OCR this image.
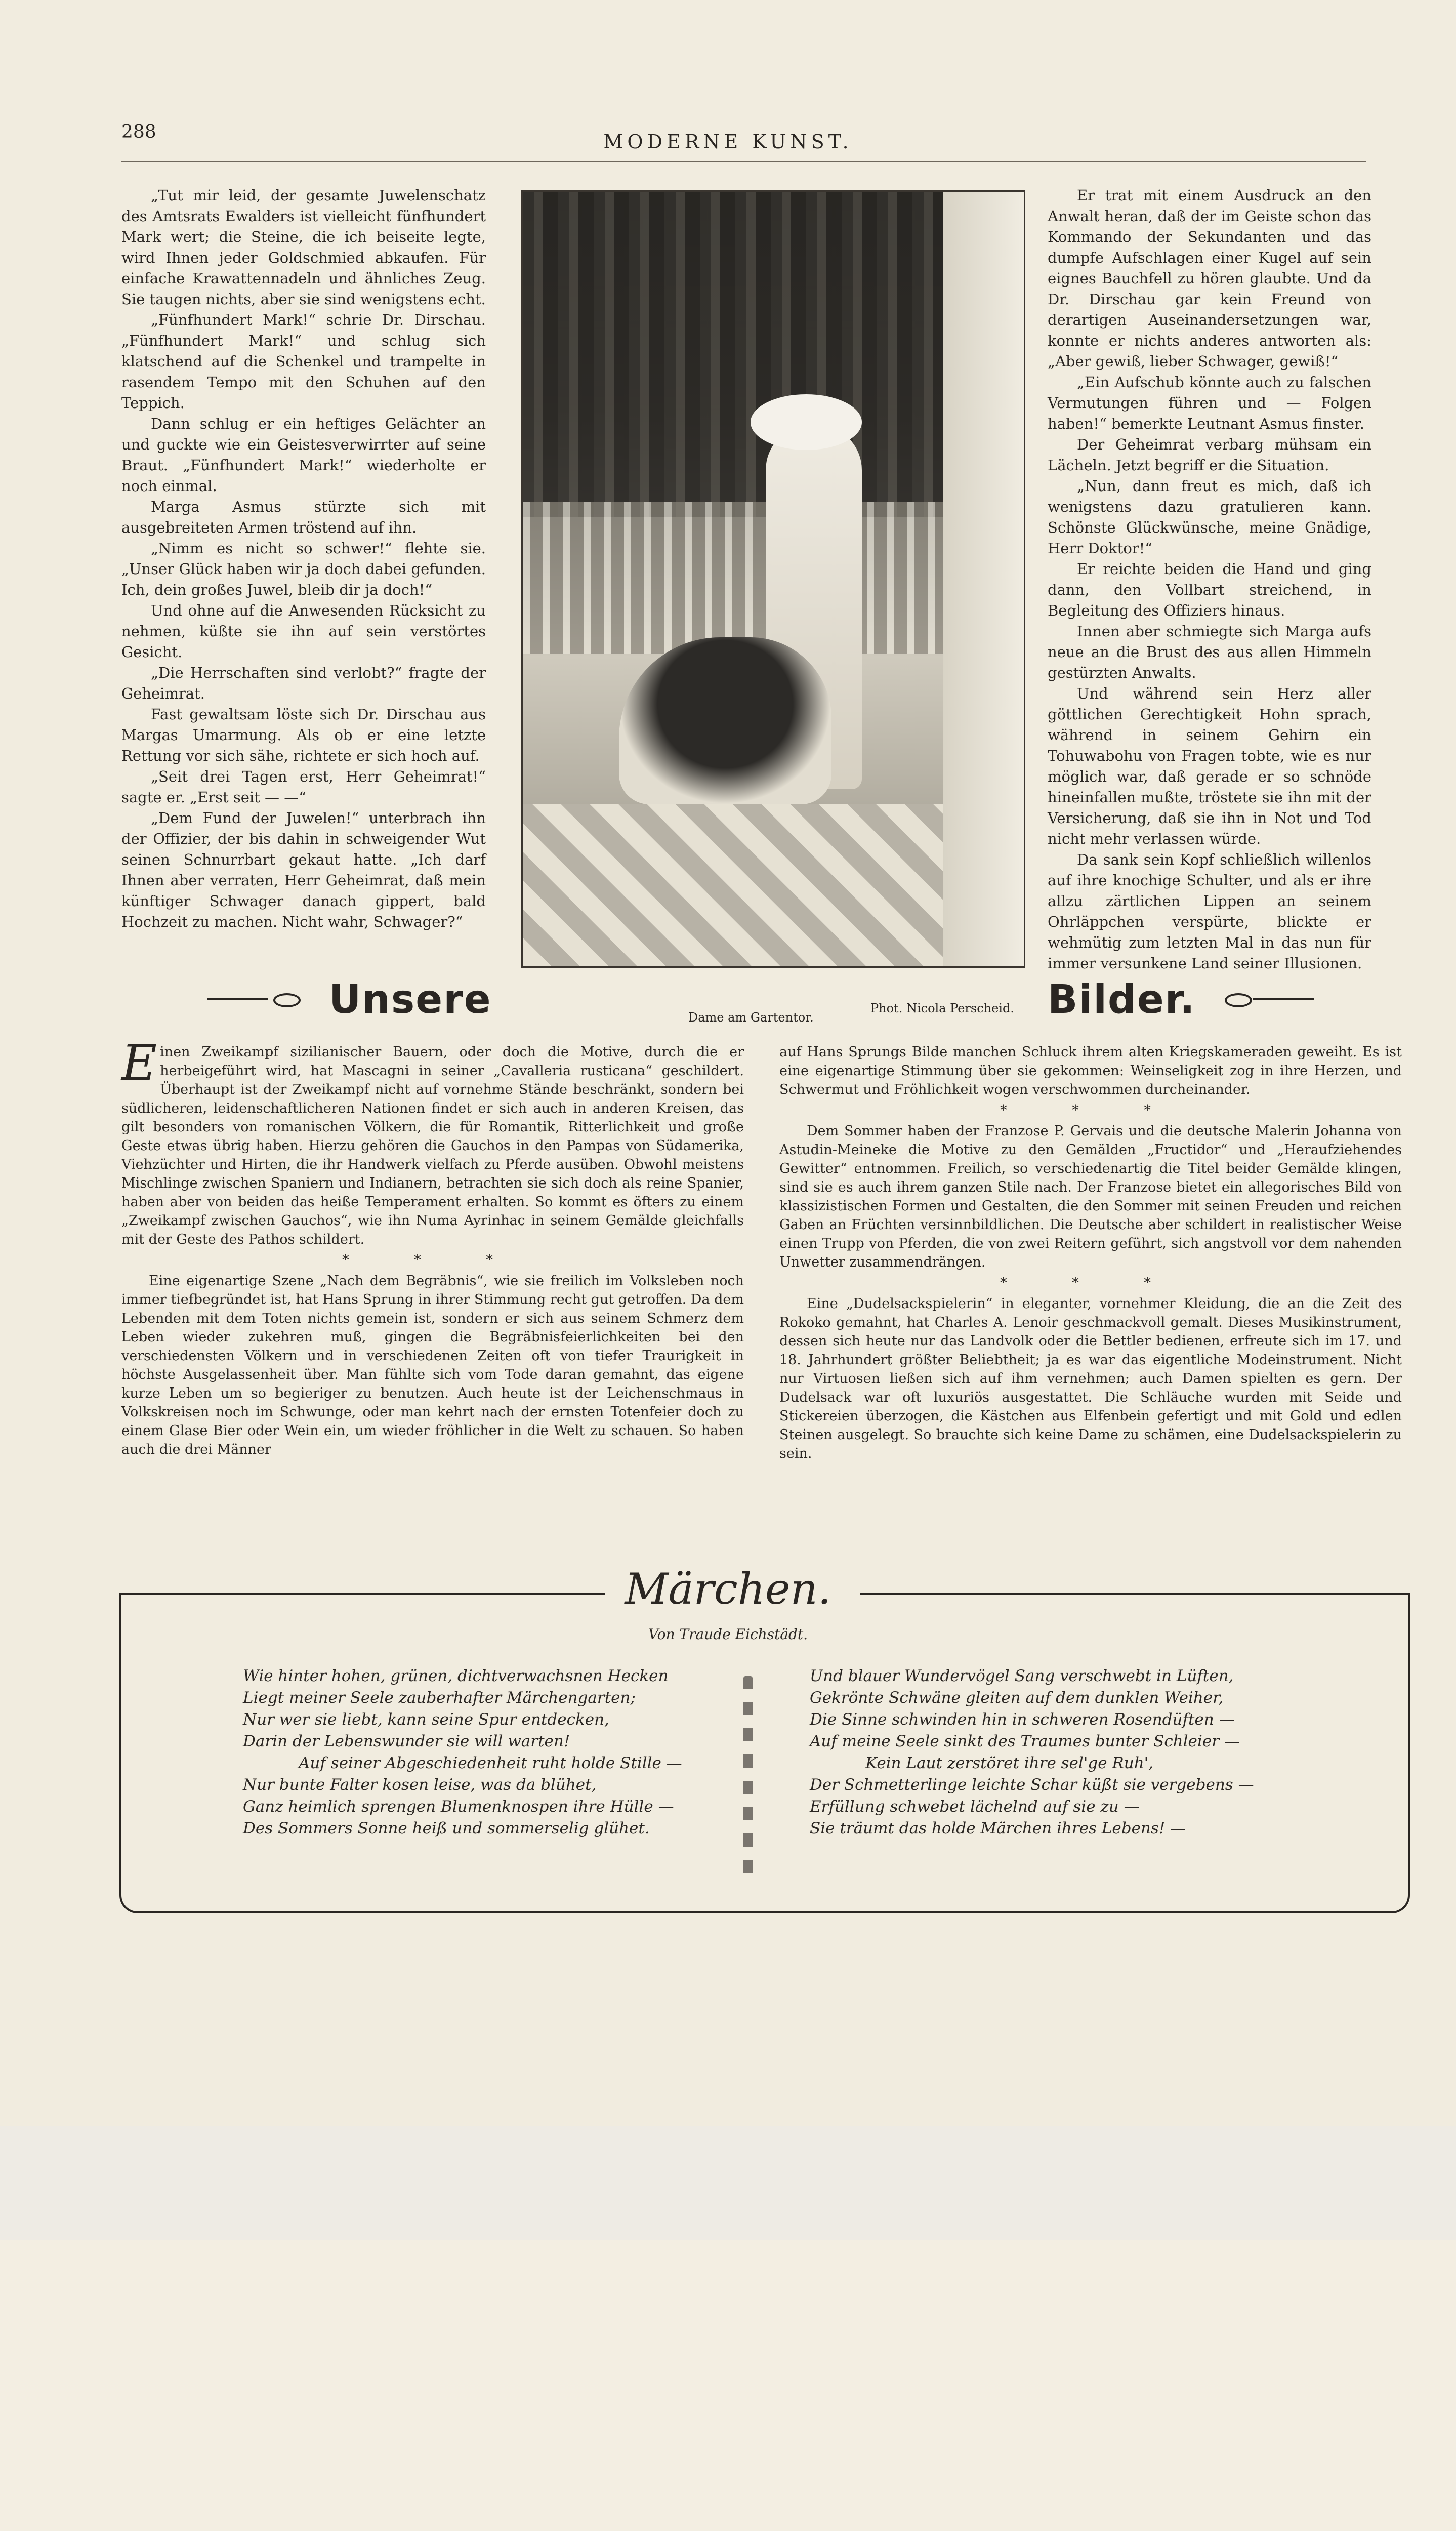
288	MODERNE KUNST.

„Tut mir leid, der gesamte Juwelenschatz des Amtsrats Ewalders ist vielleicht fünfhundert Mark wert; die Steine, die ich beiseite legte, wird Ihnen jeder Goldschmied abkaufen. Für einfache Krawattennadeln und ähnliches Zeug. Sie taugen nichts, aber sie sind wenigstens echt.

„Fünfhundert Mark!“ schrie Dr. Dirschau. „Fünfhundert Mark!“ und schlug sich klatschend auf die Schenkel und trampelte in rasendem Tempo mit den Schuhen auf den Teppich.

Dann schlug er ein heftiges Gelächter an und guckte wie ein Geistesverwirrter auf seine Braut. „Fünfhundert Mark!“ wiederholte er noch einmal.

Marga Asmus stürzte sich mit ausgebreiteten Armen tröstend auf ihn.

„Nimm es nicht so schwer!“ flehte sie. „Unser Glück haben wir ja doch dabei gefunden. Ich, dein großes Juwel, bleib dir ja doch!“

Und ohne auf die Anwesenden Rücksicht zu nehmen, küßte sie ihn auf sein verstörtes Gesicht.

„Die Herrschaften sind verlobt?“ fragte der Geheimrat.

Fast gewaltsam löste sich Dr. Dirschau aus Margas Umarmung. Als ob er eine letzte Rettung vor sich sähe, richtete er sich hoch auf.

„Seit drei Tagen erst, Herr Geheimrat!“ sagte er. „Erst seit — —“

„Dem Fund der Juwelen!“ unterbrach ihn der Offizier, der bis dahin in schweigender Wut seinen Schnurrbart gekaut hatte. „Ich darf Ihnen aber verraten, Herr Geheimrat, daß mein künftiger Schwager danach gippert, bald Hochzeit zu machen. Nicht wahr, Schwager?“

Dame am Gartentor.
Phot. Nicola Perscheid.

Er trat mit einem Ausdruck an den Anwalt heran, daß der im Geiste schon das Kommando der Sekundanten und das dumpfe Aufschlagen einer Kugel auf sein eignes Bauchfell zu hören glaubte. Und da Dr. Dirschau gar kein Freund von derartigen Auseinandersetzungen war, konnte er nichts anderes antworten als: „Aber gewiß, lieber Schwager, gewiß!“

„Ein Aufschub könnte auch zu falschen Vermutungen führen und — Folgen haben!“ bemerkte Leutnant Asmus finster.

Der Geheimrat verbarg mühsam ein Lächeln. Jetzt begriff er die Situation.

„Nun, dann freut es mich, daß ich wenigstens dazu gratulieren kann. Schönste Glückwünsche, meine Gnädige, Herr Doktor!“

Er reichte beiden die Hand und ging dann, den Vollbart streichend, in Begleitung des Offiziers hinaus.

Innen aber schmiegte sich Marga aufs neue an die Brust des aus allen Himmeln gestürzten Anwalts.

Und während sein Herz aller göttlichen Gerechtigkeit Hohn sprach, während in seinem Gehirn ein Tohuwabohu von Fragen tobte, wie es nur möglich war, daß gerade er so schnöde hineinfallen mußte, tröstete sie ihn mit der Versicherung, daß sie ihn in Not und Tod nicht mehr verlassen würde.

Da sank sein Kopf schließlich willenlos auf ihre knochige Schulter, und als er ihre allzu zärtlichen Lippen an seinem Ohrläppchen verspürte, blickte er wehmütig zum letzten Mal in das nun für immer versunkene Land seiner Illusionen.

Unsere	Bilder.

Einen Zweikampf sizilianischer Bauern, oder doch die Motive, durch die er herbeigeführt wird, hat Mascagni in seiner „Cavalleria rusticana“ geschildert. Überhaupt ist der Zweikampf nicht auf vornehme Stände beschränkt, sondern bei südlicheren, leidenschaftlicheren Nationen findet er sich auch in anderen Kreisen, das gilt besonders von romanischen Völkern, die für Romantik, Ritterlichkeit und große Geste etwas übrig haben. Hierzu gehören die Gauchos in den Pampas von Südamerika, Viehzüchter und Hirten, die ihr Handwerk vielfach zu Pferde ausüben. Obwohl meistens Mischlinge zwischen Spaniern und Indianern, betrachten sie sich doch als reine Spanier, haben aber von beiden das heiße Temperament erhalten. So kommt es öfters zu einem „Zweikampf zwischen Gauchos“, wie ihn Numa Ayrinhac in seinem Gemälde gleichfalls mit der Geste des Pathos schildert.

* * *

Eine eigenartige Szene „Nach dem Begräbnis“, wie sie freilich im Volksleben noch immer tiefbegründet ist, hat Hans Sprung in ihrer Stimmung recht gut getroffen. Da dem Lebenden mit dem Toten nichts gemein ist, sondern er sich aus seinem Schmerz dem Leben wieder zukehren muß, gingen die Begräbnisfeierlichkeiten bei den verschiedensten Völkern und in verschiedenen Zeiten oft von tiefer Traurigkeit in höchste Ausgelassenheit über. Man fühlte sich vom Tode daran gemahnt, das eigene kurze Leben um so begieriger zu benutzen. Auch heute ist der Leichenschmaus in Volkskreisen noch im Schwunge, oder man kehrt nach der ernsten Totenfeier doch zu einem Glase Bier oder Wein ein, um wieder fröhlicher in die Welt zu schauen. So haben auch die drei Männer

auf Hans Sprungs Bilde manchen Schluck ihrem alten Kriegskameraden geweiht. Es ist eine eigenartige Stimmung über sie gekommen: Weinseligkeit zog in ihre Herzen, und Schwermut und Fröhlichkeit wogen verschwommen durcheinander.

* * *

Dem Sommer haben der Franzose P. Gervais und die deutsche Malerin Johanna von Astudin-Meineke die Motive zu den Gemälden „Fructidor“ und „Heraufziehendes Gewitter“ entnommen. Freilich, so verschiedenartig die Titel beider Gemälde klingen, sind sie es auch ihrem ganzen Stile nach. Der Franzose bietet ein allegorisches Bild von klassizistischen Formen und Gestalten, die den Sommer mit seinen Freuden und reichen Gaben an Früchten versinnbildlichen. Die Deutsche aber schildert in realistischer Weise einen Trupp von Pferden, die von zwei Reitern geführt, sich angstvoll vor dem nahenden Unwetter zusammendrängen.

* * *

Eine „Dudelsackspielerin“ in eleganter, vornehmer Kleidung, die an die Zeit des Rokoko gemahnt, hat Charles A. Lenoir geschmackvoll gemalt. Dieses Musikinstrument, dessen sich heute nur das Landvolk oder die Bettler bedienen, erfreute sich im 17. und 18. Jahrhundert größter Beliebtheit; ja es war das eigentliche Modeinstrument. Nicht nur Virtuosen ließen sich auf ihm vernehmen; auch Damen spielten es gern. Der Dudelsack war oft luxuriös ausgestattet. Die Schläuche wurden mit Seide und Stickereien überzogen, die Kästchen aus Elfenbein gefertigt und mit Gold und edlen Steinen ausgelegt. So brauchte sich keine Dame zu schämen, eine Dudelsackspielerin zu sein.

Märchen.
Von Traude Eichstädt.
Wie hinter hohen, grünen, dichtverwachsnen Hecken
Liegt meiner Seele zauberhafter Märchengarten;
Nur wer sie liebt, kann seine Spur entdecken,
Darin der Lebenswunder sie will warten!
Auf seiner Abgeschiedenheit ruht holde Stille —
Nur bunte Falter kosen leise, was da blühet,
Ganz heimlich sprengen Blumenknospen ihre Hülle —
Des Sommers Sonne heiß und sommerselig glühet.
Und blauer Wundervögel Sang verschwebt in Lüften,
Gekrönte Schwäne gleiten auf dem dunklen Weiher,
Die Sinne schwinden hin in schweren Rosendüften —
Auf meine Seele sinkt des Traumes bunter Schleier —
Kein Laut zerstöret ihre sel'ge Ruh',
Der Schmetterlinge leichte Schar küßt sie vergebens —
Erfüllung schwebet lächelnd auf sie zu —
Sie träumt das holde Märchen ihres Lebens! —
